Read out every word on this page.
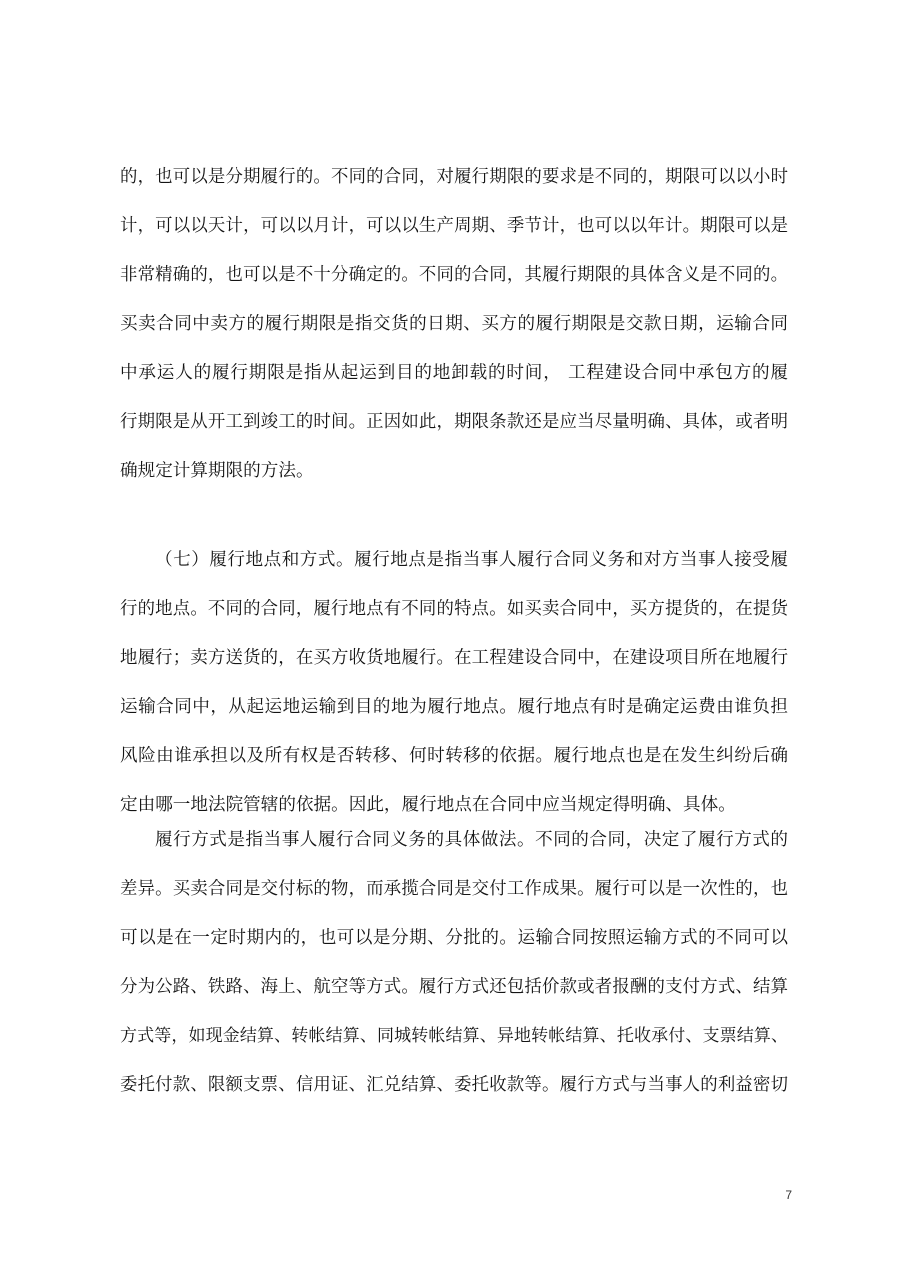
的，也可以是分期履行的。不同的合同，对履行期限的要求是不同的，期限可以以小时
计，可以以天计，可以以月计，可以以生产周期、季节计，也可以以年计。期限可以是
非常精确的，也可以是不十分确定的。不同的合同，其履行期限的具体含义是不同的。
买卖合同中卖方的履行期限是指交货的日期、买方的履行期限是交款日期，运输合同
中承运人的履行期限是指从起运到目的地卸载的时间， 工程建设合同中承包方的履
行期限是从开工到竣工的时间。正因如此，期限条款还是应当尽量明确、具体，或者明
确规定计算期限的方法。
（七）履行地点和方式。履行地点是指当事人履行合同义务和对方当事人接受履
行的地点。不同的合同，履行地点有不同的特点。如买卖合同中，买方提货的，在提货
地履行；卖方送货的，在买方收货地履行。在工程建设合同中，在建设项目所在地履行
运输合同中，从起运地运输到目的地为履行地点。履行地点有时是确定运费由谁负担
风险由谁承担以及所有权是否转移、何时转移的依据。履行地点也是在发生纠纷后确
定由哪一地法院管辖的依据。因此，履行地点在合同中应当规定得明确、具体。
履行方式是指当事人履行合同义务的具体做法。不同的合同，决定了履行方式的
差异。买卖合同是交付标的物，而承揽合同是交付工作成果。履行可以是一次性的，也
可以是在一定时期内的，也可以是分期、分批的。运输合同按照运输方式的不同可以
分为公路、铁路、海上、航空等方式。履行方式还包括价款或者报酬的支付方式、结算
方式等，如现金结算、转帐结算、同城转帐结算、异地转帐结算、托收承付、支票结算、
委托付款、限额支票、信用证、汇兑结算、委托收款等。履行方式与当事人的利益密切
7
